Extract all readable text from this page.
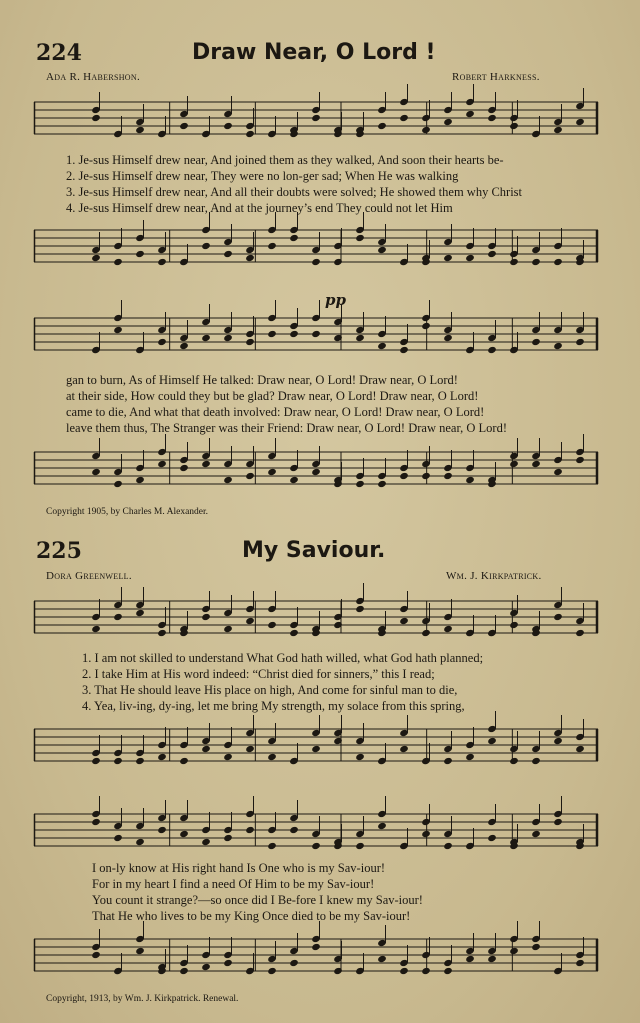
224	Draw Near, O Lord !
Ada R. Habershon.	Robert Harkness.
1. Je-sus Himself drew near, And joined them as they walked, And soon their hearts be-
2. Je-sus Himself drew near, They were no lon-ger sad; When He was walking
3. Je-sus Himself drew near, And all their doubts were solved; He showed them why Christ
4. Je-sus Himself drew near, And at the journey’s end They could not let Him
pp
gan to burn, As of Himself He talked: Draw near, O Lord! Draw near, O Lord!
at their side, How could they but be glad? Draw near, O Lord! Draw near, O Lord!
came to die, And what that death involved: Draw near, O Lord! Draw near, O Lord!
leave them thus, The Stranger was their Friend: Draw near, O Lord! Draw near, O Lord!
Copyright 1905, by Charles M. Alexander.
225	My Saviour.
Dora Greenwell.	Wm. J. Kirkpatrick.
1. I am not skilled to understand What God hath willed, what God hath planned;
2. I take Him at His word indeed: “Christ died for sinners,” this I read;
3. That He should leave His place on high, And come for sinful man to die,
4. Yea, liv-ing, dy-ing, let me bring My strength, my solace from this spring,
I on-ly know at His right hand Is One who is my Sav-iour!
For in my heart I find a need Of Him to be my Sav-iour!
You count it strange?—so once did I Be-fore I knew my Sav-iour!
That He who lives to be my King Once died to be my Sav-iour!
Copyright, 1913, by Wm. J. Kirkpatrick. Renewal.
